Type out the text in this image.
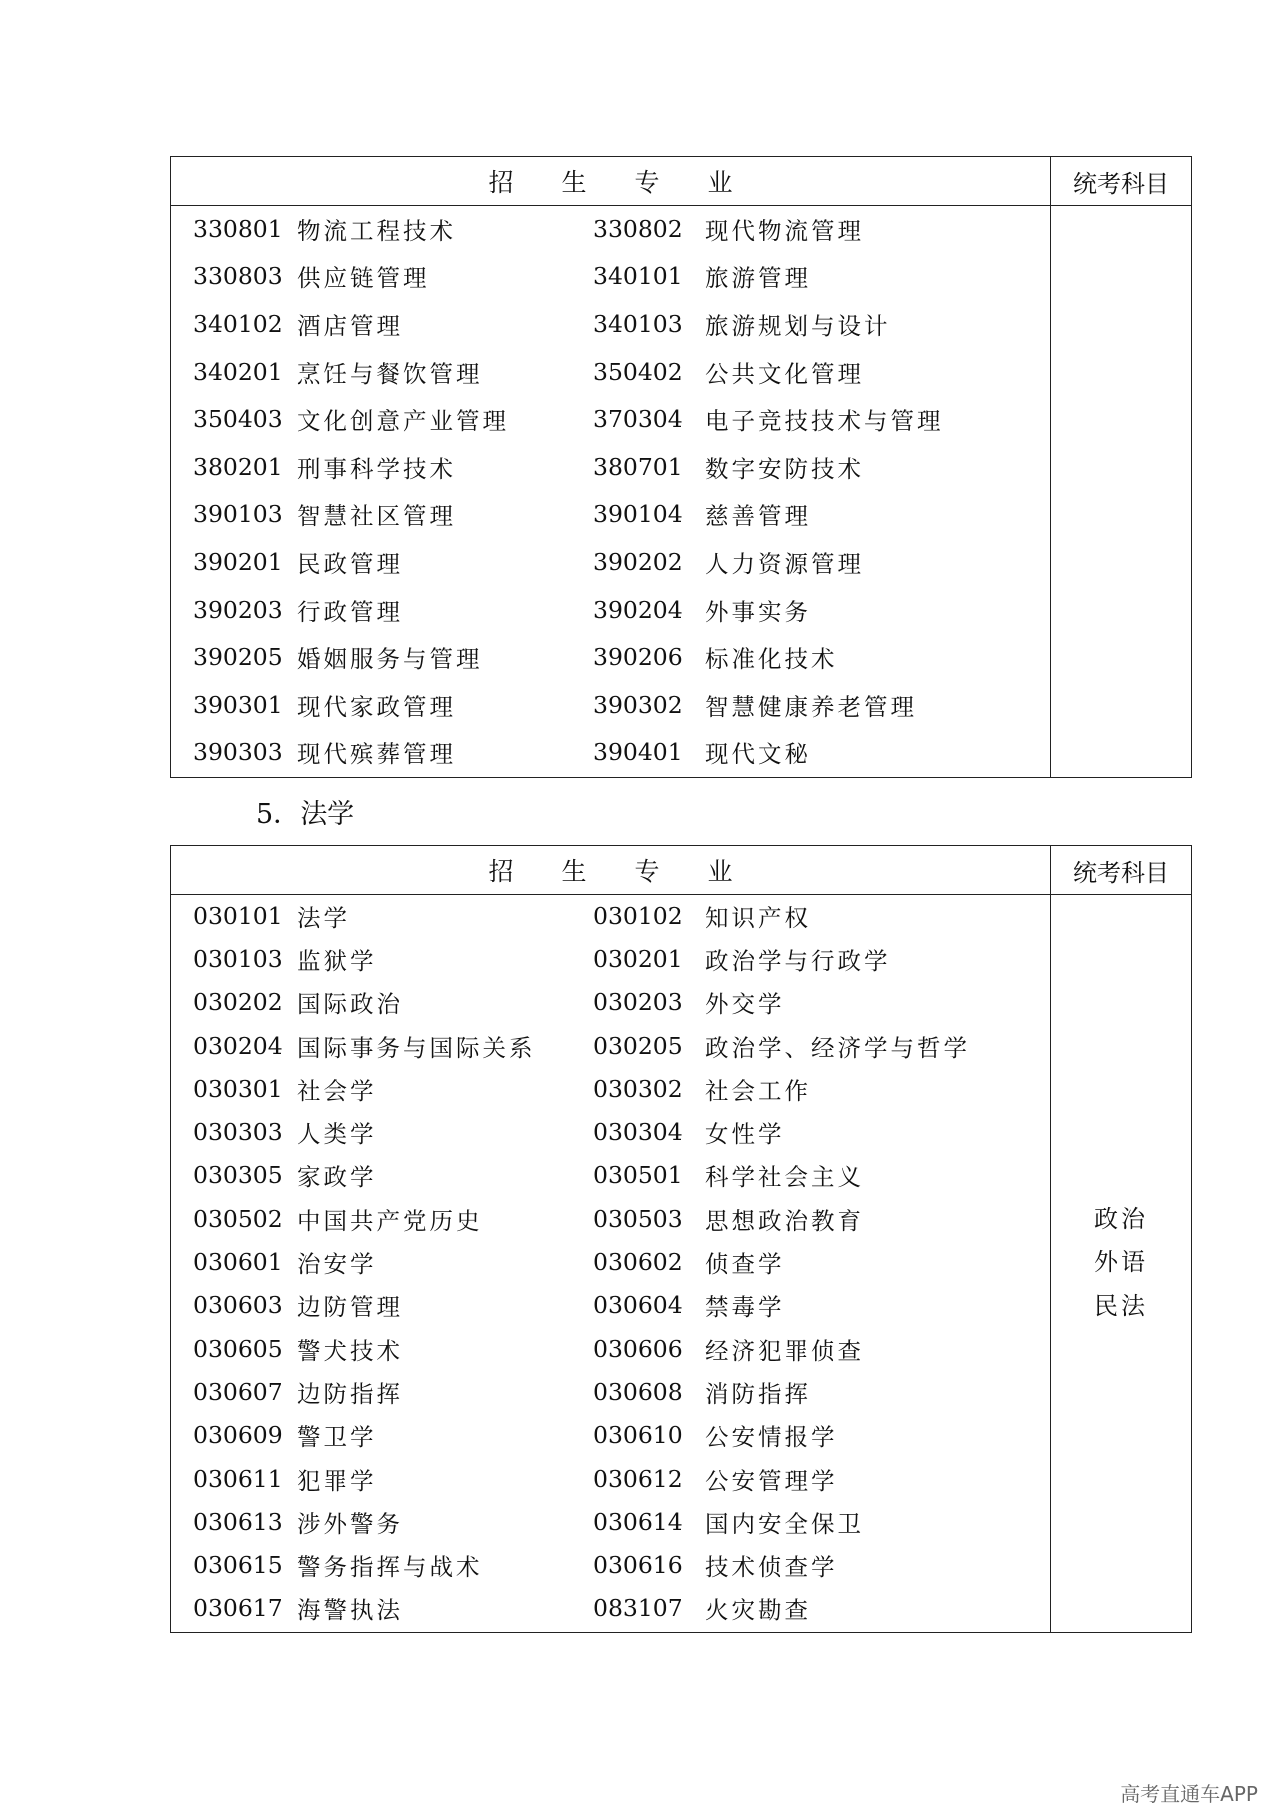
招生专业	统考科目
330801 物流工程技术	330802 现代物流管理
330803 供应链管理	340101 旅游管理
340102 酒店管理	340103 旅游规划与设计
340201 烹饪与餐饮管理	350402 公共文化管理
350403 文化创意产业管理	370304 电子竞技技术与管理
380201 刑事科学技术	380701 数字安防技术
390103 智慧社区管理	390104 慈善管理
390201 民政管理	390202 人力资源管理
390203 行政管理	390204 外事实务
390205 婚姻服务与管理	390206 标准化技术
390301 现代家政管理	390302 智慧健康养老管理
390303 现代殡葬管理	390401 现代文秘
5．法学
招生专业	统考科目
030101 法学	030102 知识产权
030103 监狱学	030201 政治学与行政学
030202 国际政治	030203 外交学
030204 国际事务与国际关系	030205 政治学、经济学与哲学
030301 社会学	030302 社会工作
030303 人类学	030304 女性学
030305 家政学	030501 科学社会主义
030502 中国共产党历史	030503 思想政治教育
030601 治安学	030602 侦查学
030603 边防管理	030604 禁毒学
030605 警犬技术	030606 经济犯罪侦查
030607 边防指挥	030608 消防指挥
030609 警卫学	030610 公安情报学
030611 犯罪学	030612 公安管理学
030613 涉外警务	030614 国内安全保卫
030615 警务指挥与战术	030616 技术侦查学
030617 海警执法	083107 火灾勘查
政治
外语
民法
高考直通车APP
